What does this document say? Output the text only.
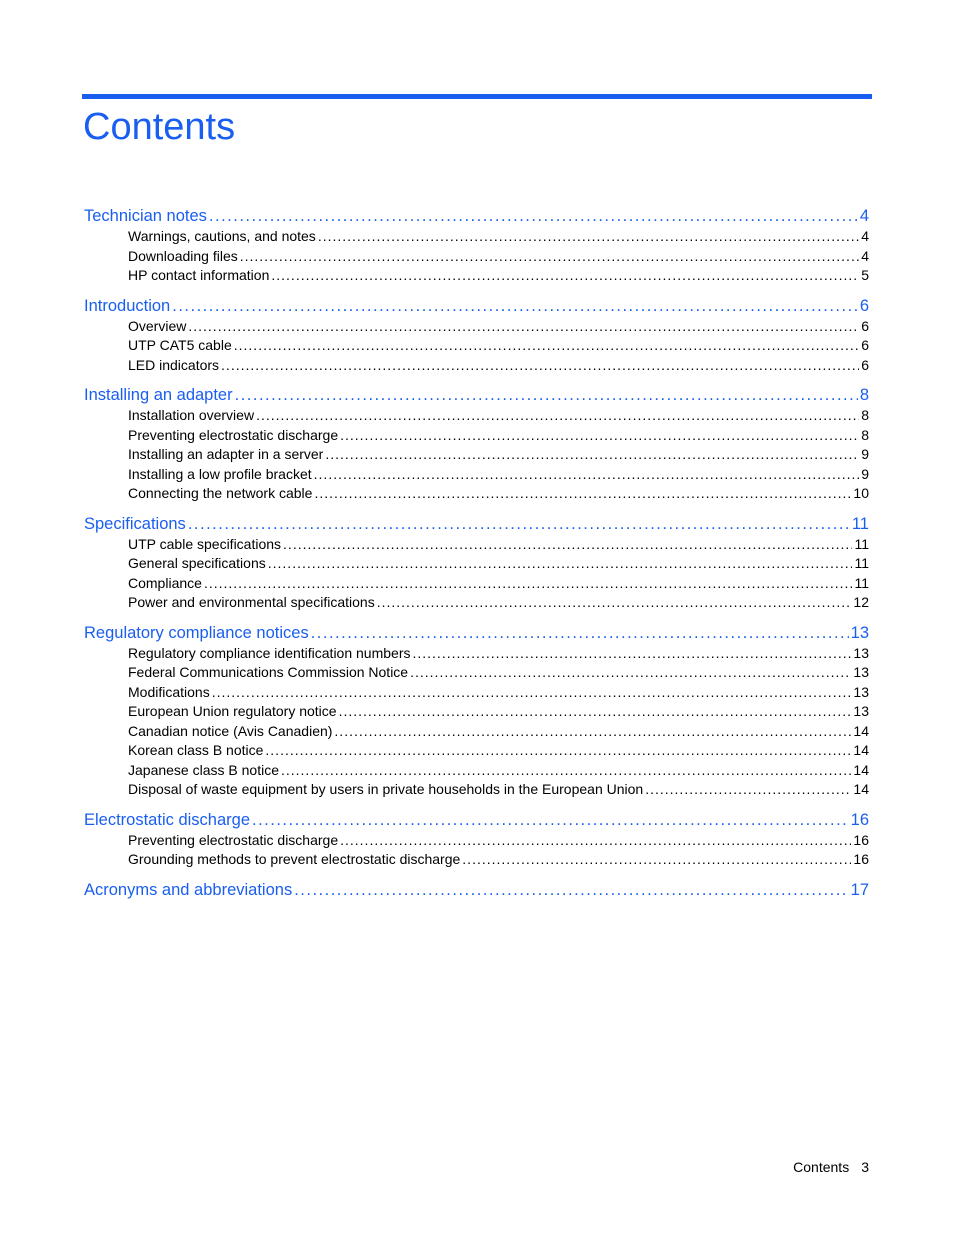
Contents
Technician notes .....	4
Warnings, cautions, and notes .....	4
Downloading files .....	4
HP contact information .....	5
Introduction .....	6
Overview .....	6
UTP CAT5 cable .....	6
LED indicators .....	6
Installing an adapter .....	8
Installation overview .....	8
Preventing electrostatic discharge .....	8
Installing an adapter in a server .....	9
Installing a low profile bracket .....	9
Connecting the network cable .....	10
Specifications .....	11
UTP cable specifications .....	11
General specifications .....	11
Compliance .....	11
Power and environmental specifications .....	12
Regulatory compliance notices .....	13
Regulatory compliance identification numbers .....	13
Federal Communications Commission Notice .....	13
Modifications .....	13
European Union regulatory notice .....	13
Canadian notice (Avis Canadien) .....	14
Korean class B notice .....	14
Japanese class B notice .....	14
Disposal of waste equipment by users in private households in the European Union .....	14
Electrostatic discharge .....	16
Preventing electrostatic discharge .....	16
Grounding methods to prevent electrostatic discharge .....	16
Acronyms and abbreviations .....	17
Contents 3
